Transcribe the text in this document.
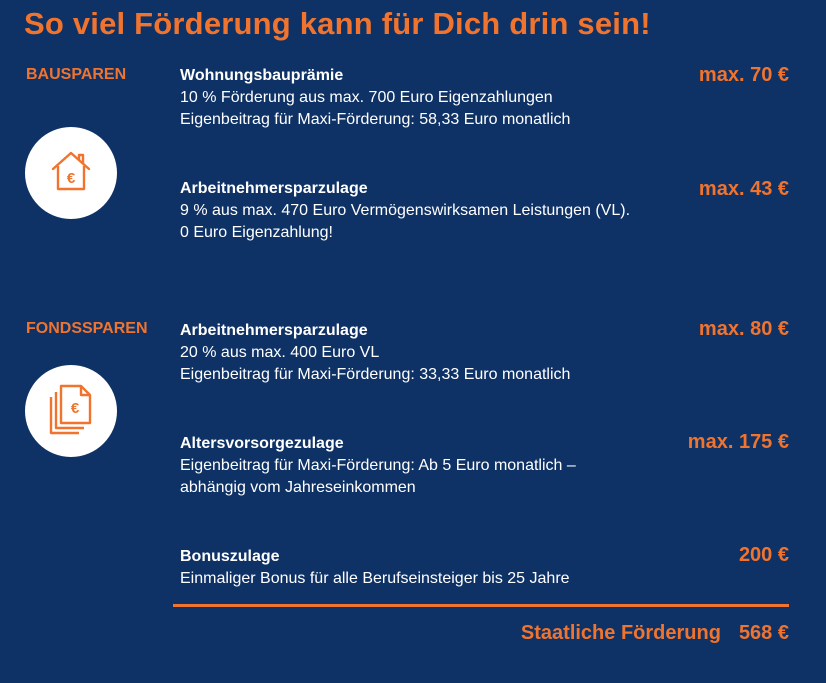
So viel Förderung kann für Dich drin sein!
BAUSPAREN
€
Wohnungsbauprämie
10 % Förderung aus max. 700 Euro Eigenzahlungen
Eigenbeitrag für Maxi-Förderung: 58,33 Euro monatlich
max. 70 €
Arbeitnehmersparzulage
9 % aus max. 470 Euro Vermögenswirksamen Leistungen (VL).
0 Euro Eigenzahlung!
max. 43 €
FONDSSPAREN
€
Arbeitnehmersparzulage
20 % aus max. 400 Euro VL
Eigenbeitrag für Maxi-Förderung: 33,33 Euro monatlich
max. 80 €
Altersvorsorgezulage
Eigenbeitrag für Maxi-Förderung: Ab 5 Euro monatlich –
abhängig vom Jahreseinkommen
max. 175 €
Bonuszulage
Einmaliger Bonus für alle Berufseinsteiger bis 25 Jahre
200 €
Staatliche Förderung 568 €
